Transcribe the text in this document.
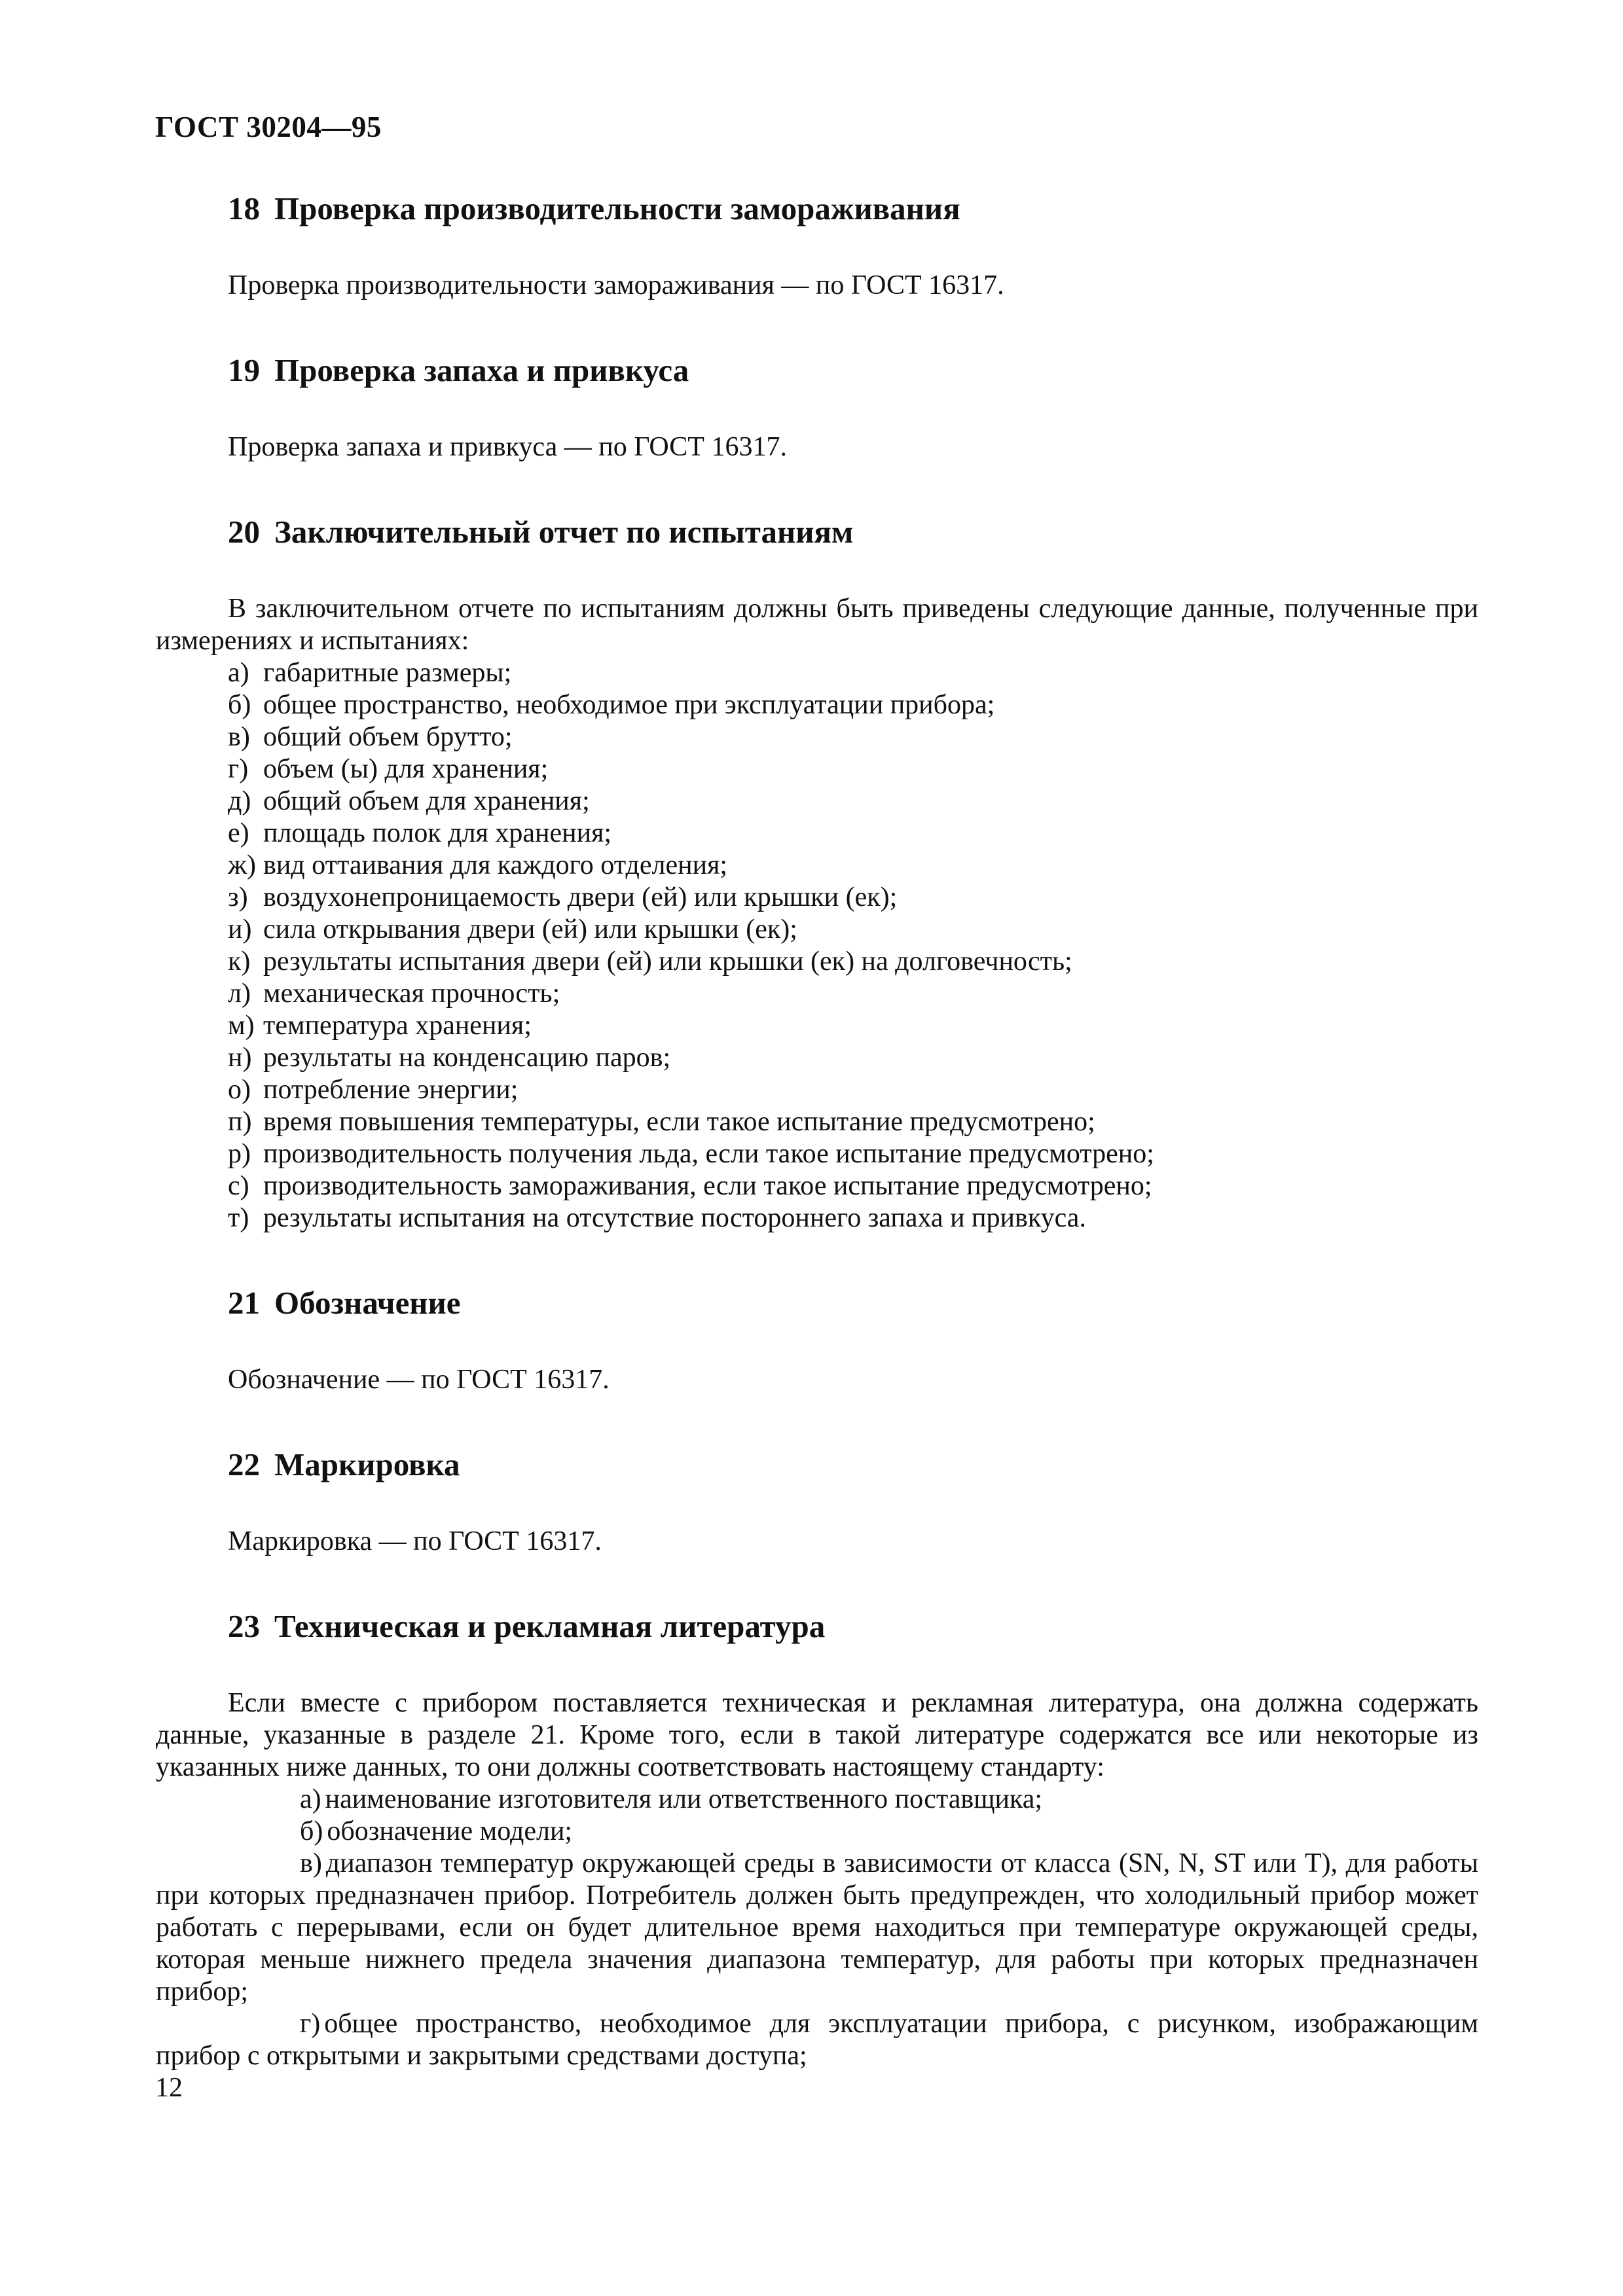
ГОСТ 30204—95
18 Проверка производительности замораживания

Проверка производительности замораживания — по ГОСТ 16317.

19 Проверка запаха и привкуса

Проверка запаха и привкуса — по ГОСТ 16317.

20 Заключительный отчет по испытаниям

В заключительном отчете по испытаниям должны быть приведены следующие данные, полученные при измерениях и испытаниях:

а) габаритные размеры;
б) общее пространство, необходимое при эксплуатации прибора;
в) общий объем брутто;
г) объем (ы) для хранения;
д) общий объем для хранения;
е) площадь полок для хранения;
ж) вид оттаивания для каждого отделения;
з) воздухонепроницаемость двери (ей) или крышки (ек);
и) сила открывания двери (ей) или крышки (ек);
к) результаты испытания двери (ей) или крышки (ек) на долговечность;
л) механическая прочность;
м) температура хранения;
н) результаты на конденсацию паров;
о) потребление энергии;
п) время повышения температуры, если такое испытание предусмотрено;
р) производительность получения льда, если такое испытание предусмотрено;
с) производительность замораживания, если такое испытание предусмотрено;
т) результаты испытания на отсутствие постороннего запаха и привкуса.
21 Обозначение

Обозначение — по ГОСТ 16317.

22 Маркировка

Маркировка — по ГОСТ 16317.

23 Техническая и рекламная литература

Если вместе с прибором поставляется техническая и рекламная литература, она должна содержать данные, указанные в разделе 21. Кроме того, если в такой литературе содержатся все или некоторые из указанных ниже данных, то они должны соответствовать настоящему стандарту:

а) наименование изготовителя или ответственного поставщика;
б) обозначение модели;
в) диапазон температур окружающей среды в зависимости от класса (SN, N, ST или T), для работы при которых предназначен прибор. Потребитель должен быть предупрежден, что холодильный прибор может работать с перерывами, если он будет длительное время находиться при температуре окружающей среды, которая меньше нижнего предела значения диапазона температур, для работы при которых предназначен прибор;
г) общее пространство, необходимое для эксплуатации прибора, с рисунком, изображающим прибор с открытыми и закрытыми средствами доступа;
12
